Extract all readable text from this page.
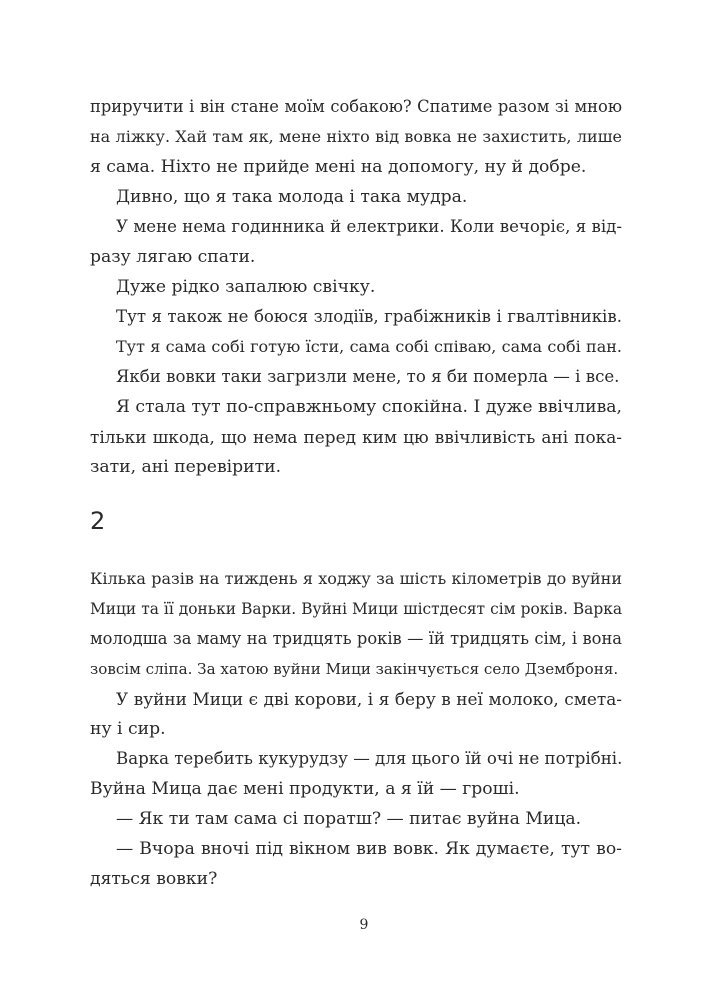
приручити і він стане моїм собакою? Спатиме разом зі мною
на ліжку. Хай там як, мене ніхто від вовка не захистить, лише
я сама. Ніхто не прийде мені на допомогу, ну й добре.
Дивно, що я така молода і така мудра.
У мене нема годинника й електрики. Коли вечоріє, я від-
разу лягаю спати.
Дуже рідко запалюю свічку.
Тут я також не боюся злодіїв, грабіжників і гвалтівників.
Тут я сама собі готую їсти, сама собі співаю, сама собі пан.
Якби вовки таки загризли мене, то я би померла — і все.
Я стала тут по-справжньому спокійна. І дуже ввічлива,
тільки шкода, що нема перед ким цю ввічливість ані пока-
зати, ані перевірити.
2
Кілька разів на тиждень я ходжу за шість кілометрів до вуйни
Мици та її доньки Варки. Вуйні Мици шістдесят сім років. Варка
молодша за маму на тридцять років — їй тридцять сім, і вона
зовсім сліпа. За хатою вуйни Мици закінчується село Дземброня.
У вуйни Мици є дві корови, і я беру в неї молоко, смета-
ну і сир.
Варка теребить кукурудзу — для цього їй очі не потрібні.
Вуйна Мица дає мені продукти, а я їй — гроші.
— Як ти там сама сі поратш? — питає вуйна Мица.
— Вчора вночі під вікном вив вовк. Як думаєте, тут во-
дяться вовки?
9
